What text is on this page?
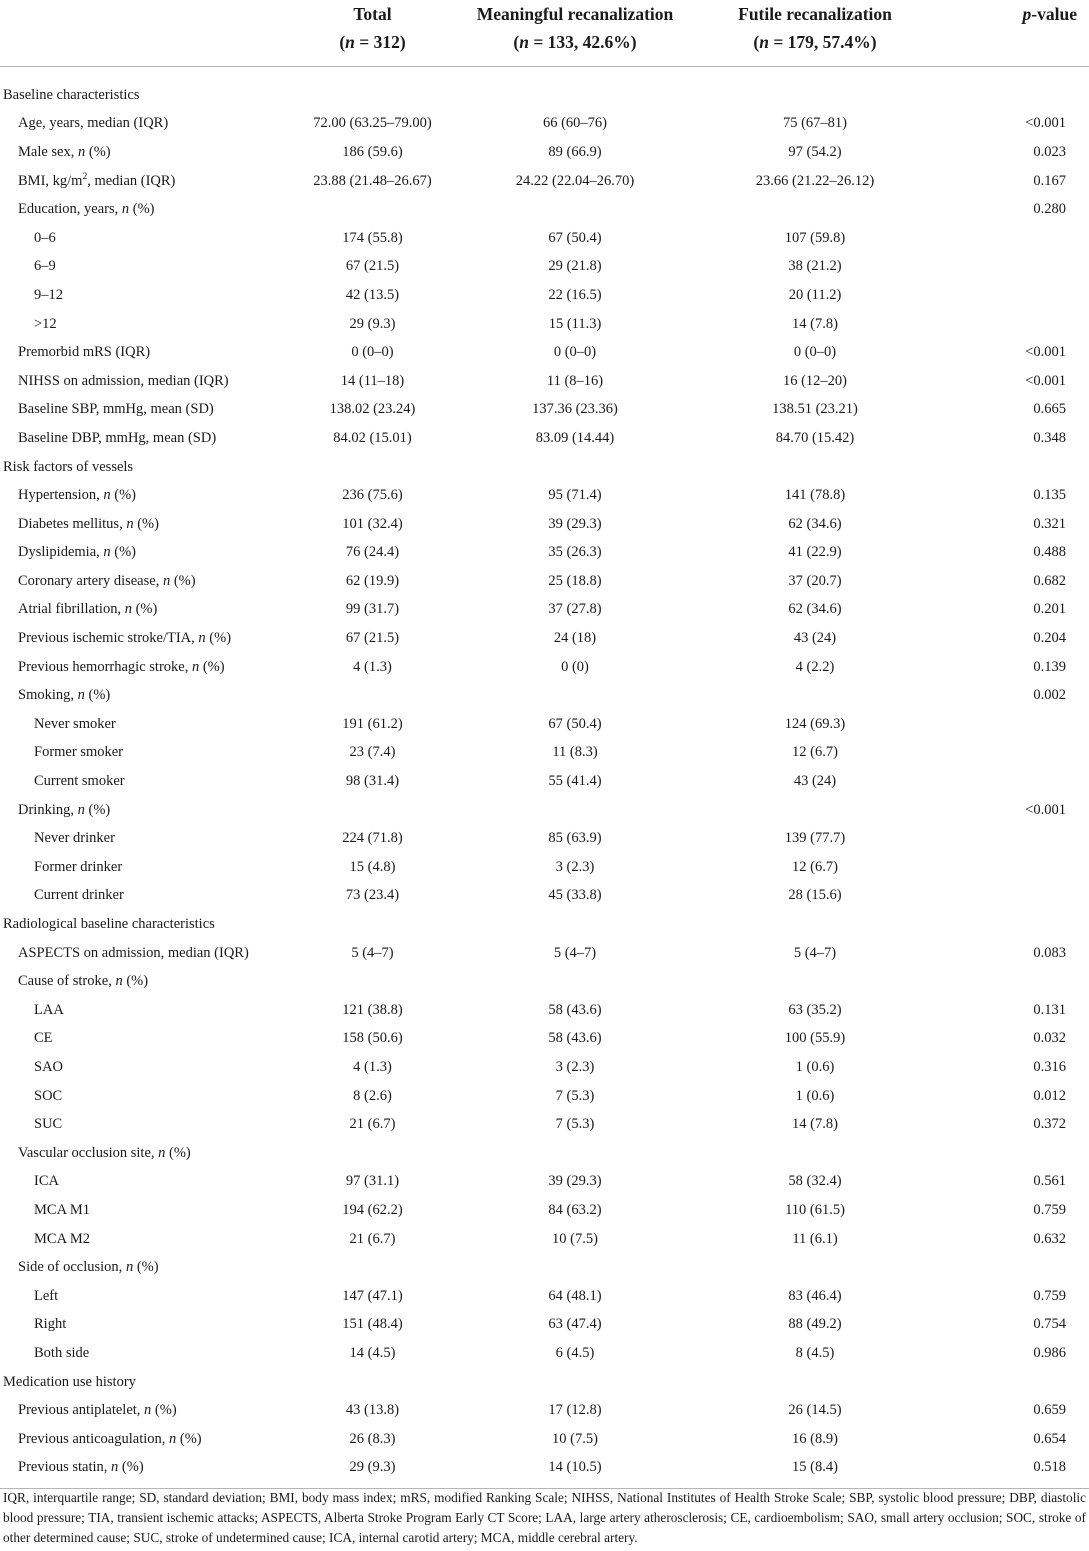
	Total	Meaningful recanalization	Futile recanalization	p-value
	(n = 312)	(n = 133, 42.6%)	(n = 179, 57.4%)	
Baseline characteristics				
Age, years, median (IQR)	72.00 (63.25–79.00)	66 (60–76)	75 (67–81)	<0.001
Male sex, n (%)	186 (59.6)	89 (66.9)	97 (54.2)	0.023
BMI, $kg/m^2$, median (IQR)	23.88 (21.48–26.67)	24.22 (22.04–26.70)	23.66 (21.22–26.12)	0.167
Education, years, n (%)				0.280
0–6	174 (55.8)	67 (50.4)	107 (59.8)	
6–9	67 (21.5)	29 (21.8)	38 (21.2)	
9–12	42 (13.5)	22 (16.5)	20 (11.2)	
>12	29 (9.3)	15 (11.3)	14 (7.8)	
Premorbid mRS (IQR)	0 (0–0)	0 (0–0)	0 (0–0)	<0.001
NIHSS on admission, median (IQR)	14 (11–18)	11 (8–16)	16 (12–20)	<0.001
Baseline SBP, mmHg, mean (SD)	138.02 (23.24)	137.36 (23.36)	138.51 (23.21)	0.665
Baseline DBP, mmHg, mean (SD)	84.02 (15.01)	83.09 (14.44)	84.70 (15.42)	0.348
Risk factors of vessels				
Hypertension, n (%)	236 (75.6)	95 (71.4)	141 (78.8)	0.135
Diabetes mellitus, n (%)	101 (32.4)	39 (29.3)	62 (34.6)	0.321
Dyslipidemia, n (%)	76 (24.4)	35 (26.3)	41 (22.9)	0.488
Coronary artery disease, n (%)	62 (19.9)	25 (18.8)	37 (20.7)	0.682
Atrial fibrillation, n (%)	99 (31.7)	37 (27.8)	62 (34.6)	0.201
Previous ischemic stroke/TIA, n (%)	67 (21.5)	24 (18)	43 (24)	0.204
Previous hemorrhagic stroke, n (%)	4 (1.3)	0 (0)	4 (2.2)	0.139
Smoking, n (%)				0.002
Never smoker	191 (61.2)	67 (50.4)	124 (69.3)	
Former smoker	23 (7.4)	11 (8.3)	12 (6.7)	
Current smoker	98 (31.4)	55 (41.4)	43 (24)	
Drinking, n (%)				<0.001
Never drinker	224 (71.8)	85 (63.9)	139 (77.7)	
Former drinker	15 (4.8)	3 (2.3)	12 (6.7)	
Current drinker	73 (23.4)	45 (33.8)	28 (15.6)	
Radiological baseline characteristics				
ASPECTS on admission, median (IQR)	5 (4–7)	5 (4–7)	5 (4–7)	0.083
Cause of stroke, n (%)				
LAA	121 (38.8)	58 (43.6)	63 (35.2)	0.131
CE	158 (50.6)	58 (43.6)	100 (55.9)	0.032
SAO	4 (1.3)	3 (2.3)	1 (0.6)	0.316
SOC	8 (2.6)	7 (5.3)	1 (0.6)	0.012
SUC	21 (6.7)	7 (5.3)	14 (7.8)	0.372
Vascular occlusion site, n (%)				
ICA	97 (31.1)	39 (29.3)	58 (32.4)	0.561
MCA M1	194 (62.2)	84 (63.2)	110 (61.5)	0.759
MCA M2	21 (6.7)	10 (7.5)	11 (6.1)	0.632
Side of occlusion, n (%)				
Left	147 (47.1)	64 (48.1)	83 (46.4)	0.759
Right	151 (48.4)	63 (47.4)	88 (49.2)	0.754
Both side	14 (4.5)	6 (4.5)	8 (4.5)	0.986
Medication use history				
Previous antiplatelet, n (%)	43 (13.8)	17 (12.8)	26 (14.5)	0.659
Previous anticoagulation, n (%)	26 (8.3)	10 (7.5)	16 (8.9)	0.654
Previous statin, n (%)	29 (9.3)	14 (10.5)	15 (8.4)	0.518
IQR, interquartile range; SD, standard deviation; BMI, body mass index; mRS, modified Ranking Scale; NIHSS, National Institutes of Health Stroke Scale; SBP, systolic blood pressure; DBP, diastolic blood pressure; TIA, transient ischemic attacks; ASPECTS, Alberta Stroke Program Early CT Score; LAA, large artery atherosclerosis; CE, cardioembolism; SAO, small artery occlusion; SOC, stroke of other determined cause; SUC, stroke of undetermined cause; ICA, internal carotid artery; MCA, middle cerebral artery.
